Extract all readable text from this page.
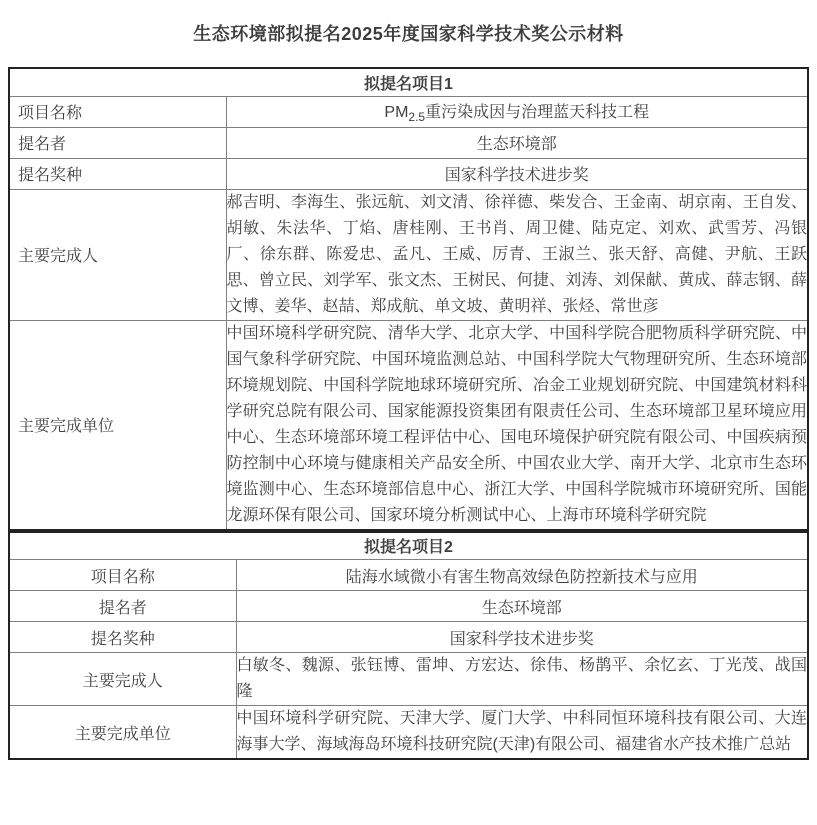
生态环境部拟提名2025年度国家科学技术奖公示材料
拟提名项目1	
项目名称	$PM_{2.5}$重污染成因与治理蓝天科技工程
提名者	生态环境部
提名奖种	国家科学技术进步奖
主要完成人	郝吉明、李海生、张远航、刘文清、徐祥德、柴发合、王金南、胡京南、王自发、胡敏、朱法华、丁焰、唐桂刚、王书肖、周卫健、陆克定、刘欢、武雪芳、冯银厂、徐东群、陈爱忠、孟凡、王威、厉青、王淑兰、张天舒、高健、尹航、王跃思、曾立民、刘学军、张文杰、王树民、何捷、刘涛、刘保献、黄成、薛志钢、薛文博、姜华、赵喆、郑成航、单文坡、黄明祥、张烃、常世彦
主要完成单位	中国环境科学研究院、清华大学、北京大学、中国科学院合肥物质科学研究院、中国气象科学研究院、中国环境监测总站、中国科学院大气物理研究所、生态环境部环境规划院、中国科学院地球环境研究所、冶金工业规划研究院、中国建筑材料科学研究总院有限公司、国家能源投资集团有限责任公司、生态环境部卫星环境应用中心、生态环境部环境工程评估中心、国电环境保护研究院有限公司、中国疾病预防控制中心环境与健康相关产品安全所、中国农业大学、南开大学、北京市生态环境监测中心、生态环境部信息中心、浙江大学、中国科学院城市环境研究所、国能龙源环保有限公司、国家环境分析测试中心、上海市环境科学研究院
拟提名项目2	
项目名称	陆海水域微小有害生物高效绿色防控新技术与应用
提名者	生态环境部
提名奖种	国家科学技术进步奖
主要完成人	白敏冬、魏源、张钰博、雷坤、方宏达、徐伟、杨鹊平、余忆玄、丁光茂、战国隆
主要完成单位	中国环境科学研究院、天津大学、厦门大学、中科同恒环境科技有限公司、大连海事大学、海域海岛环境科技研究院(天津)有限公司、福建省水产技术推广总站
